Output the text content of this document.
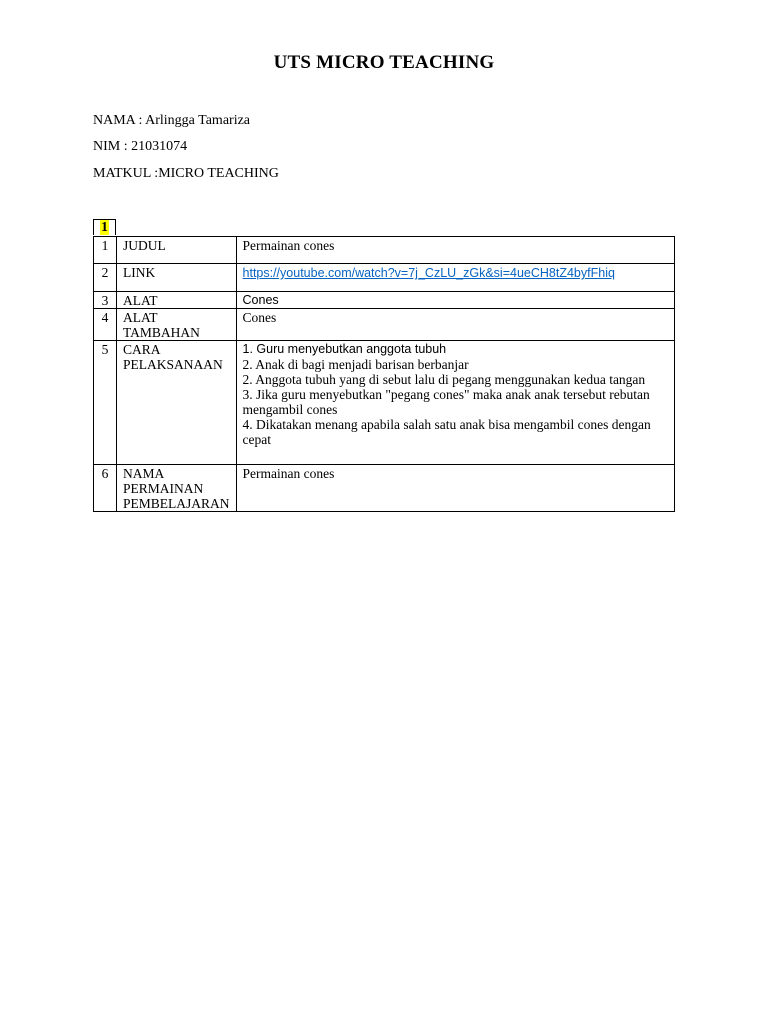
UTS MICRO TEACHING
NAMA : Arlingga Tamariza
NIM : 21031074
MATKUL :MICRO TEACHING
1
1	JUDUL	Permainan cones
2	LINK	https://youtube.com/watch?v=7j_CzLU_zGk&si=4ueCH8tZ4byfFhiq
3	ALAT	Cones
4	ALAT TAMBAHAN	Cones
5	CARA PELAKSANAAN	1. Guru menyebutkan anggota tubuh
2. Anak di bagi menjadi barisan berbanjar
2. Anggota tubuh yang di sebut lalu di pegang menggunakan kedua tangan
3. Jika guru menyebutkan "pegang cones" maka anak anak tersebut rebutan mengambil cones
4. Dikatakan menang apabila salah satu anak bisa mengambil cones dengan cepat

6	NAMA PERMAINAN PEMBELAJARAN	Permainan cones
